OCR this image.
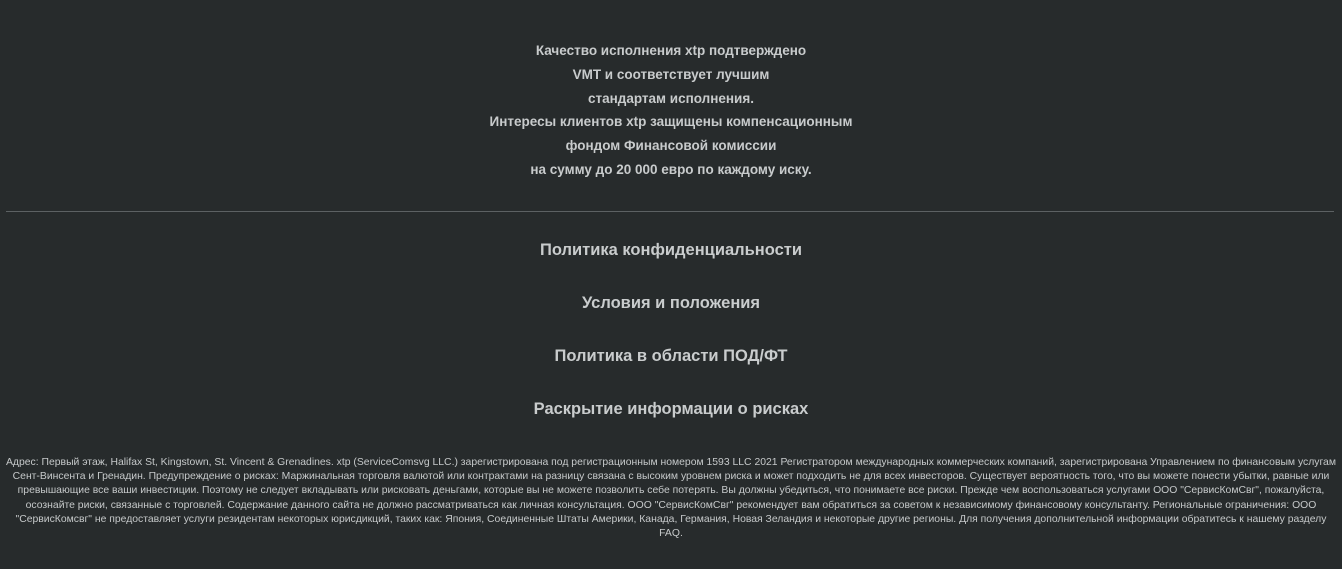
Качество исполнения xtp подтверждено
VMT и соответствует лучшим
стандартам исполнения.
Интересы клиентов xtp защищены компенсационным
фондом Финансовой комиссии
на сумму до 20 000 евро по каждому иску.
Политика конфиденциальности
Условия и положения
Политика в области ПОД/ФТ
Раскрытие информации о рисках
Адрес: Первый этаж, Halifax St, Kingstown, St. Vincent & Grenadines. xtp (ServiceComsvg LLC.) зарегистрирована под регистрационным номером 1593 LLC 2021 Регистратором международных коммерческих компаний, зарегистрирована Управлением по финансовым услугам Сент-Винсента и Гренадин. Предупреждение о рисках: Маржинальная торговля валютой или контрактами на разницу связана с высоким уровнем риска и может подходить не для всех инвесторов. Существует вероятность того, что вы можете понести убытки, равные или превышающие все ваши инвестиции. Поэтому не следует вкладывать или рисковать деньгами, которые вы не можете позволить себе потерять. Вы должны убедиться, что понимаете все риски. Прежде чем воспользоваться услугами ООО "СервисКомСвг", пожалуйста, осознайте риски, связанные с торговлей. Содержание данного сайта не должно рассматриваться как личная консультация. ООО "СервисКомСвг" рекомендует вам обратиться за советом к независимому финансовому консультанту. Региональные ограничения: ООО "СервисКомсвг" не предоставляет услуги резидентам некоторых юрисдикций, таких как: Япония, Соединенные Штаты Америки, Канада, Германия, Новая Зеландия и некоторые другие регионы. Для получения дополнительной информации обратитесь к нашему разделу FAQ.
